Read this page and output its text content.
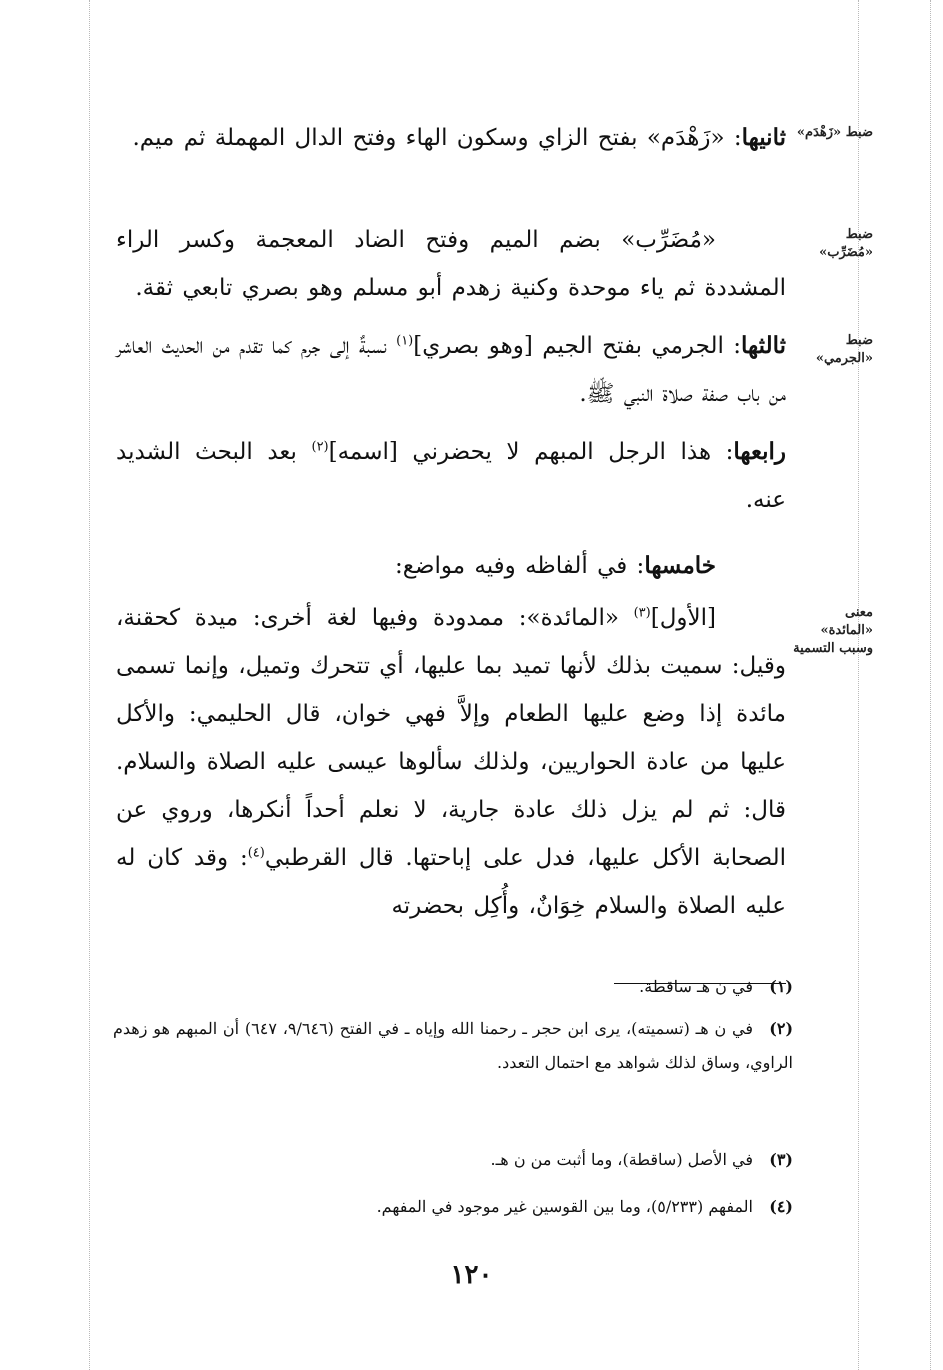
ضبط «زَهْدَم»
ضبط «مُضَرِّب»
ضبط «الجرمي»
معنى «المائدة» وسبب التسمية
ثانيها: «زَهْدَم» بفتح الزاي وسكون الهاء وفتح الدال المهملة ثم ميم.
«مُضَرِّب» بضم الميم وفتح الضاد المعجمة وكسر الراء المشددة ثم ياء موحدة وكنية زهدم أبو مسلم وهو بصري تابعي ثقة.
ثالثها: الجرمي بفتح الجيم [وهو بصري]$^{(١)}$ نسبةٌ إلى جرم كما تقدم من الحديث العاشر من باب صفة صلاة النبي ﷺ.
رابعها: هذا الرجل المبهم لا يحضرني [اسمه]$^{(٢)}$ بعد البحث الشديد عنه.
خامسها: في ألفاظه وفيه مواضع:
[الأول]$^{(٣)}$ «المائدة»: ممدودة وفيها لغة أخرى: ميدة كحقنة، وقيل: سميت بذلك لأنها تميد بما عليها، أي تتحرك وتميل، وإنما تسمى مائدة إذا وضع عليها الطعام وإلاَّ فهي خوان، قال الحليمي: والأكل عليها من عادة الحواريين، ولذلك سألوها عيسى عليه الصلاة والسلام. قال: ثم لم يزل ذلك عادة جارية، لا نعلم أحداً أنكرها، وروي عن الصحابة الأكل عليها، فدل على إباحتها. قال القرطبي$^{(٤)}$: وقد كان له عليه الصلاة والسلام خِوَانٌ، وأُكِل بحضرته
(١)في ن هـ ساقطة.
(٢)في ن هـ (تسميته)، يرى ابن حجر ـ رحمنا الله وإياه ـ في الفتح (٩/٦٤٦، ٦٤٧) أن المبهم هو زهدم الراوي، وساق لذلك شواهد مع احتمال التعدد.
(٣)في الأصل (ساقطة)، وما أثبت من ن هـ.
(٤)المفهم (٥/٢٣٣)، وما بين القوسين غير موجود في المفهم.
١٢٠
